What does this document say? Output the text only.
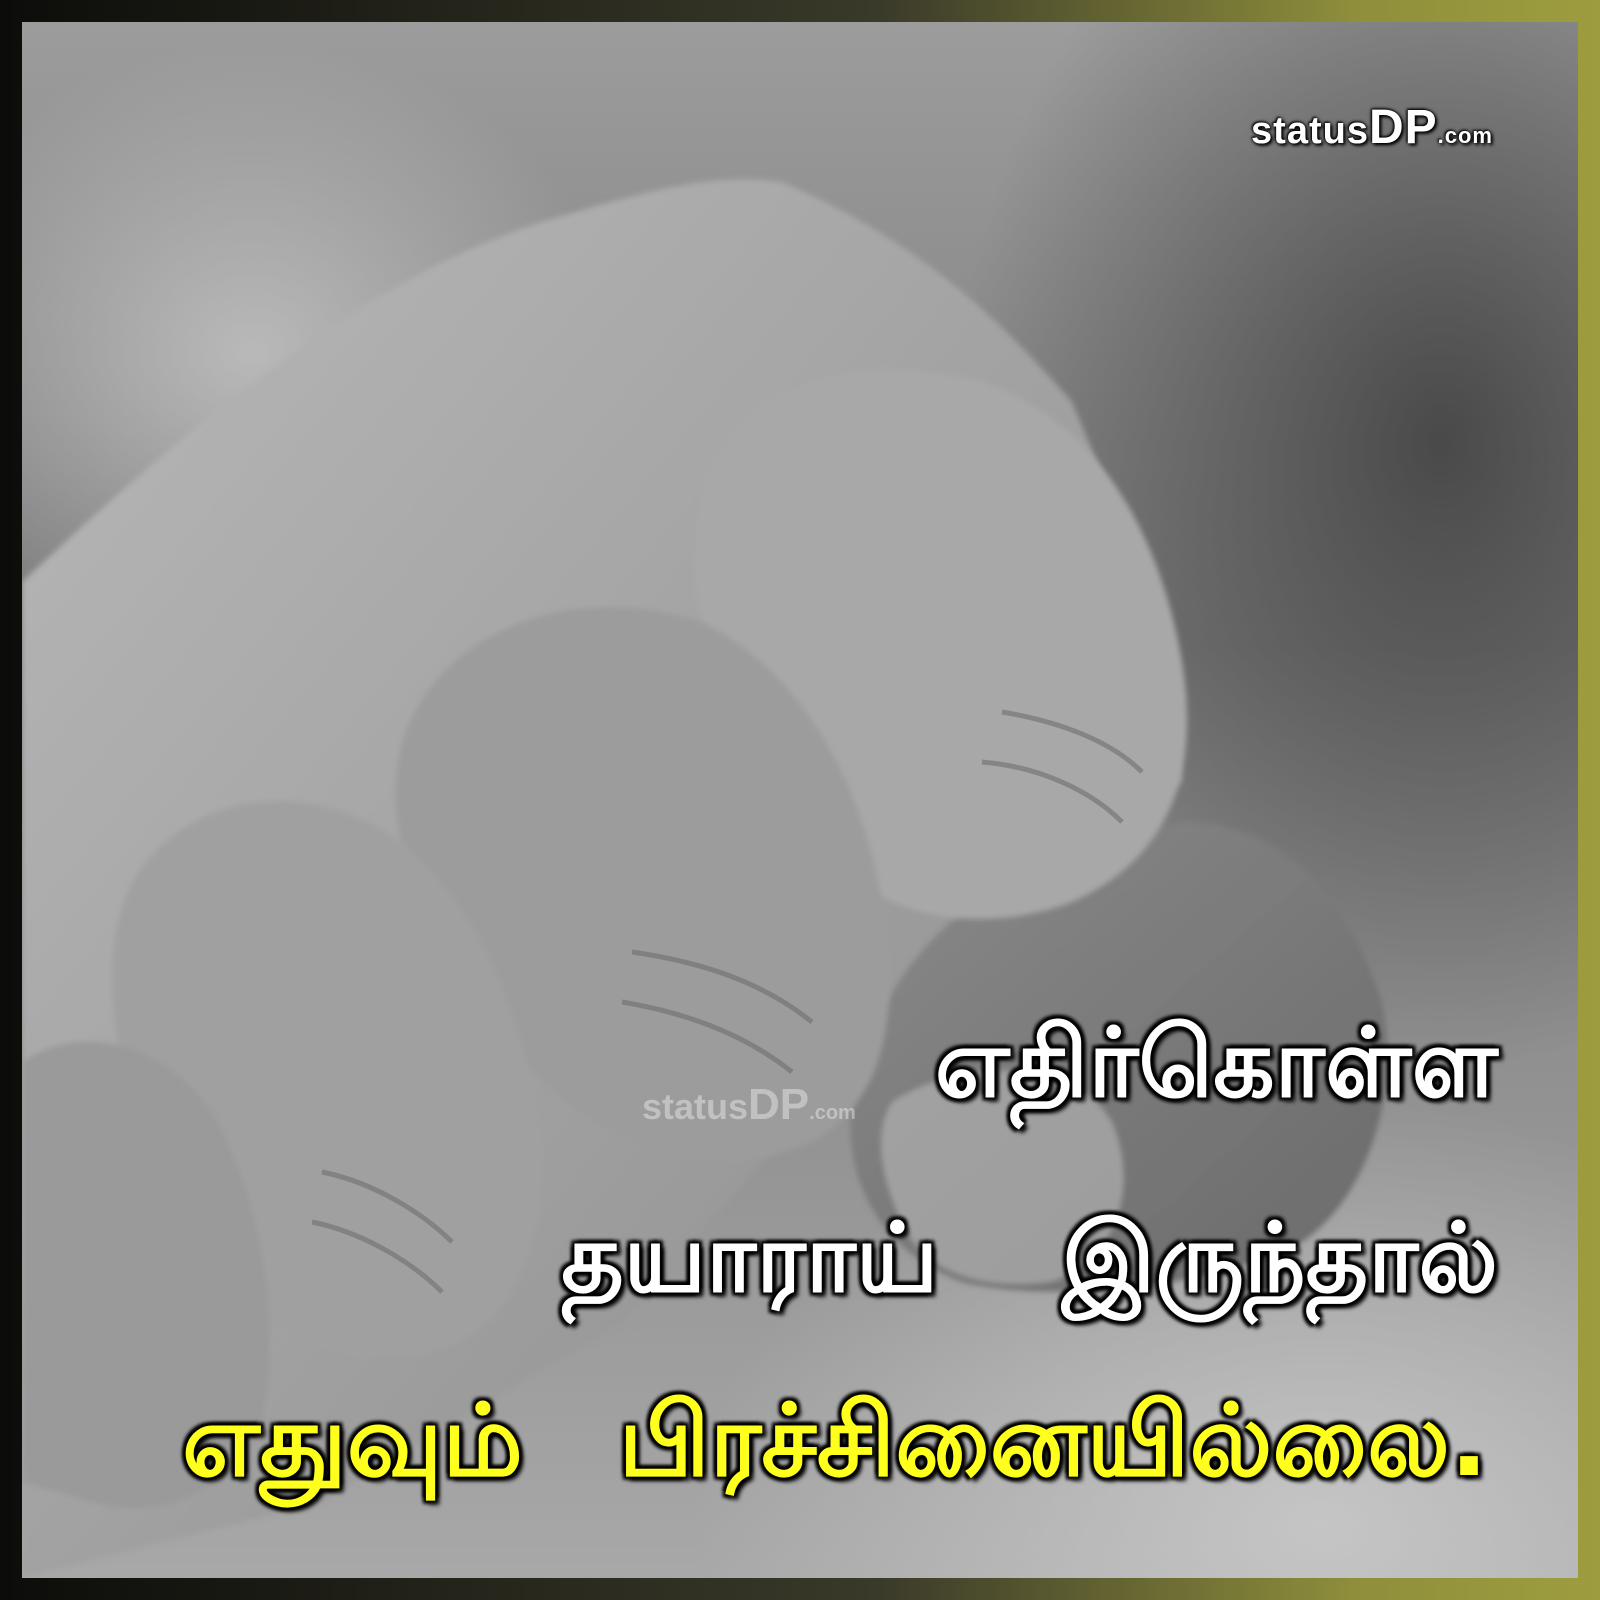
statusDP.com
statusDP.com எதிர்கொள்ள
தயாராய் இருந்தால்
எதுவும் பிரச்சினையில்லை.
